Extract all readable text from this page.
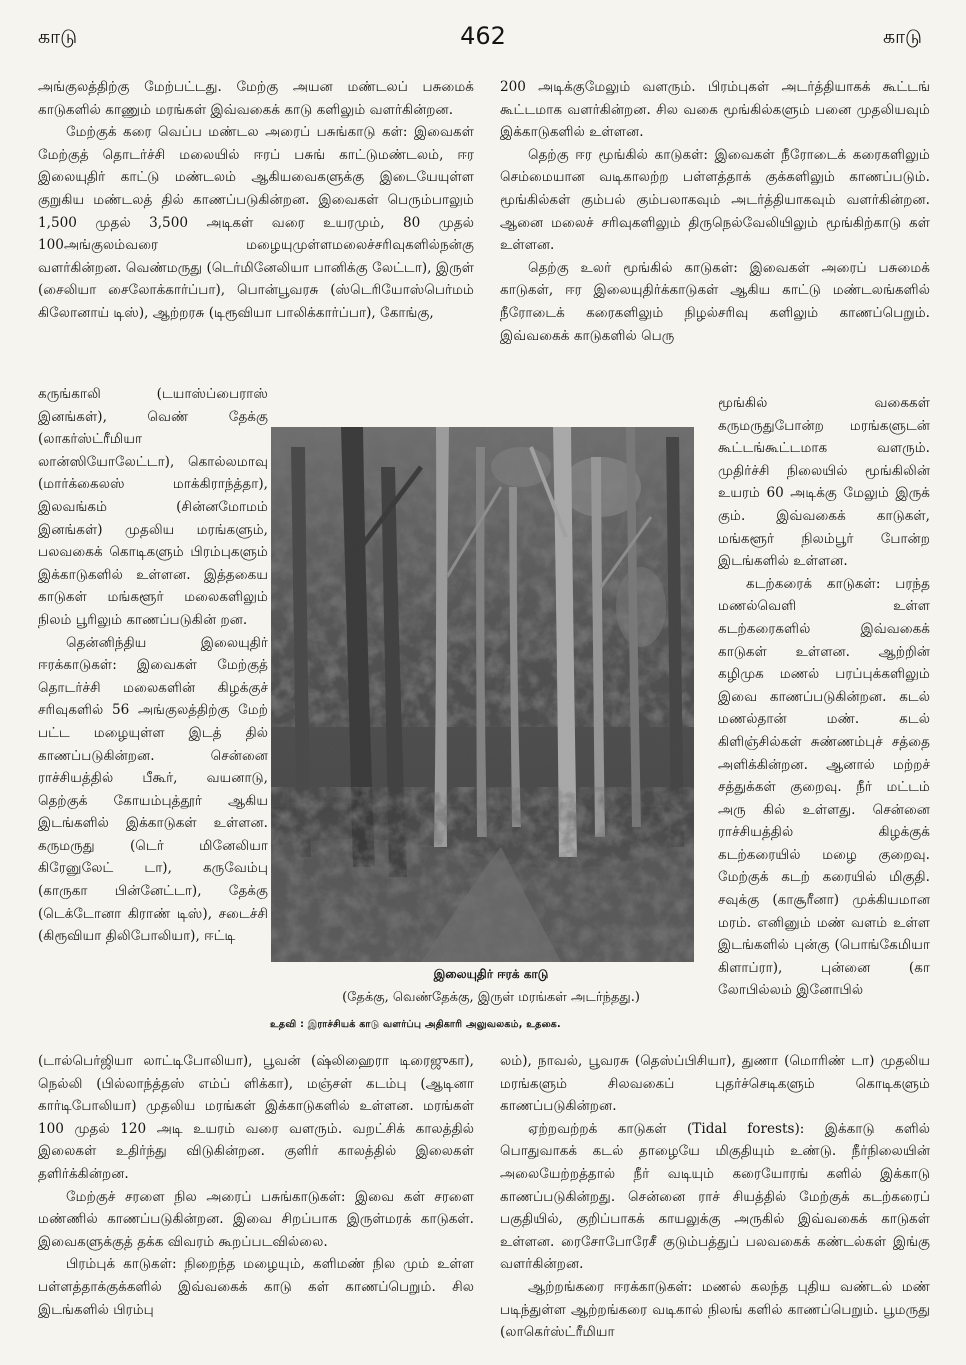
காடு	462	காடு

அங்குலத்திற்கு மேற்பட்டது. மேற்கு அயன மண்டலப் பசுமைக் காடுகளில் காணும் மரங்கள் இவ்வகைக் காடு களிலும் வளர்கின்றன.

மேற்குக் கரை வெப்ப மண்டல அரைப் பசுங்காடு கள்: இவைகள் மேற்குத் தொடர்ச்சி மலையில் ஈரப் பசுங் காட்டுமண்டலம், ஈர இலையுதிர் காட்டு மண்டலம் ஆகியவைகளுக்கு இடையேயுள்ள குறுகிய மண்டலத் தில் காணப்படுகின்றன. இவைகள் பெரும்பாலும் 1,500 முதல் 3,500 அடிகள் வரை உயரமும், 80 முதல் 100அங்குலம்வரை மழையுமுள்ளமலைச்சரிவுகளில்நன்கு வளர்கின்றன. வெண்மருது (டெர்மினேலியா பானிக்கு லேட்டா), இருள் (சைலியா சைலோக்கார்ப்பா), பொன்பூவரசு (ஸ்டெரியோஸ்பெர்மம் கிலோனாய் டிஸ்), ஆற்றரசு (டிரூவியா பாலிக்கார்ப்பா), கோங்கு,

கருங்காலி (டயாஸ்ப்பைராஸ் இனங்கள்), வெண் தேக்கு (லாகர்ஸ்ட்ரீமியா லான்ஸியோலேட்டா), கொல்லமாவு (மார்க்கைலஸ் மாக்கிராந்த்தா), இலவங்கம் (சின்னமோமம் இனங்கள்) முதலிய மரங்களும், பலவகைக் கொடிகளும் பிரம்புகளும் இக்காடுகளில் உள்ளன. இத்தகைய காடுகள் மங்களூர் மலைகளிலும் நிலம் பூரிலும் காணப்படுகின் றன.

தென்னிந்திய இலையுதிர் ஈரக்காடுகள்: இவைகள் மேற்குத் தொடர்ச்சி மலைகளின் கிழக்குச் சரிவுகளில் 56 அங்குலத்திற்கு மேற் பட்ட மழையுள்ள இடத் தில் காணப்படுகின்றன. சென்னை ராச்சியத்தில் பீகூர், வயனாடு, தெற்குக் கோயம்புத்தூர் ஆகிய இடங்களில் இக்காடுகள் உள்ளன. கருமருது (டெர் மினேலியா கிரேனுலேட் டா), கருவேம்பு (காருகா பின்னேட்டா), தேக்கு (டெக்டோனா கிராண் டிஸ்), சடைச்சி (கிரூவியா திலிபோலியா), ஈட்டி

(டால்பெர்ஜியா லாட்டிபோலியா), பூவன் (ஷ்லிஹைரா டிரைஜுகா), நெல்லி (பில்லாந்த்தஸ் எம்ப் ளிக்கா), மஞ்சள் கடம்பு (ஆடினா கார்டிபோலியா) முதலிய மரங்கள் இக்காடுகளில் உள்ளன. மரங்கள் 100 முதல் 120 அடி உயரம் வரை வளரும். வறட்சிக் காலத்தில் இலைகள் உதிர்ந்து விடுகின்றன. குளிர் காலத்தில் இலைகள் தளிர்க்கின்றன.

மேற்குச் சரளை நில அரைப் பசுங்காடுகள்: இவை கள் சரளை மண்ணில் காணப்படுகின்றன. இவை சிறப்பாக இருள்மரக் காடுகள். இவைகளுக்குத் தக்க விவரம் கூறப்படவில்லை.

பிரம்புக் காடுகள்: நிறைந்த மழையும், களிமண் நில மும் உள்ள பள்ளத்தாக்குக்களில் இவ்வகைக் காடு கள் காணப்பெறும். சில இடங்களில் பிரம்பு

200 அடிக்குமேலும் வளரும். பிரம்புகள் அடர்த்தியாகக் கூட்டங் கூட்டமாக வளர்கின்றன. சில வகை மூங்கில்களும் பனை முதலியவும் இக்காடுகளில் உள்ளன.

தெற்கு ஈர மூங்கில் காடுகள்: இவைகள் நீரோடைக் கரைகளிலும் செம்மையான வடிகாலற்ற பள்ளத்தாக் குக்களிலும் காணப்படும். மூங்கில்கள் கும்பல் கும்பலாகவும் அடர்த்தியாகவும் வளர்கின்றன. ஆனை மலைச் சரிவுகளிலும் திருநெல்வேலியிலும் மூங்கிற்காடு கள் உள்ளன.

தெற்கு உலர் மூங்கில் காடுகள்: இவைகள் அரைப் பசுமைக் காடுகள், ஈர இலையுதிர்க்காடுகள் ஆகிய காட்டு மண்டலங்களில் நீரோடைக் கரைகளிலும் நிழல்சரிவு களிலும் காணப்பெறும். இவ்வகைக் காடுகளில் பெரு

மூங்கில் வகைகள் கருமருதுபோன்ற மரங்களுடன் கூட்டங்கூட்டமாக வளரும். முதிர்ச்சி நிலையில் மூங்கிலின் உயரம் 60 அடிக்கு மேலும் இருக் கும். இவ்வகைக் காடுகள், மங்களூர் நிலம்பூர் போன்ற இடங்களில் உள்ளன.

கடற்கரைக் காடுகள்: பரந்த மணல்வெளி உள்ள கடற்கரைகளில் இவ்வகைக் காடுகள் உள்ளன. ஆற்றின் கழிமுக மணல் பரப்புக்களிலும் இவை காணப்படுகின்றன. கடல் மணல்தான் மண். கடல் கிளிஞ்சில்கள் சுண்ணம்புச் சத்தை அளிக்கின்றன. ஆனால் மற்றச் சத்துக்கள் குறைவு. நீர் மட்டம் அரு கில் உள்ளது. சென்னை ராச்சியத்தில் கிழக்குக் கடற்கரையில் மழை குறைவு. மேற்குக் கடற் கரையில் மிகுதி. சவுக்கு (காசூரீனா) முக்கியமான மரம். எனினும் மண் வளம் உள்ள இடங்களில் புன்கு (பொங்கேமியா கிளாப்ரா), புன்னை (கா லோபில்லம் இனோபில்

லம்), நாவல், பூவரசு (தெஸ்ப்பிசியா), துணா (மொரிண் டா) முதலிய மரங்களும் சிலவகைப் புதர்ச்செடிகளும் கொடிகளும் காணப்படுகின்றன.

ஏற்றவற்றக் காடுகள் (Tidal forests): இக்காடு களில் பொதுவாகக் கடல் தாழையே மிகுதியும் உண்டு. நீர்நிலையின் அலையேற்றத்தால் நீர் வடியும் கரையோரங் களில் இக்காடு காணப்படுகின்றது. சென்னை ராச் சியத்தில் மேற்குக் கடற்கரைப் பகுதியில், குறிப்பாகக் காயலுக்கு அருகில் இவ்வகைக் காடுகள் உள்ளன. ரைசோபோரேசீ குடும்பத்துப் பலவகைக் கண்டல்கள் இங்கு வளர்கின்றன.

ஆற்றங்கரை ஈரக்காடுகள்: மணல் கலந்த புதிய வண்டல் மண் படிந்துள்ள ஆற்றங்கரை வடிகால் நிலங் களில் காணப்பெறும். பூமருது (லாகெர்ஸ்ட்ரீமியா

இலையுதிர் ஈரக் காடு
(தேக்கு, வெண்தேக்கு, இருள் மரங்கள் அடர்ந்தது.)
உதவி : இராச்சியக் காடு வளர்ப்பு அதிகாரி அலுவலகம், உதகை.
